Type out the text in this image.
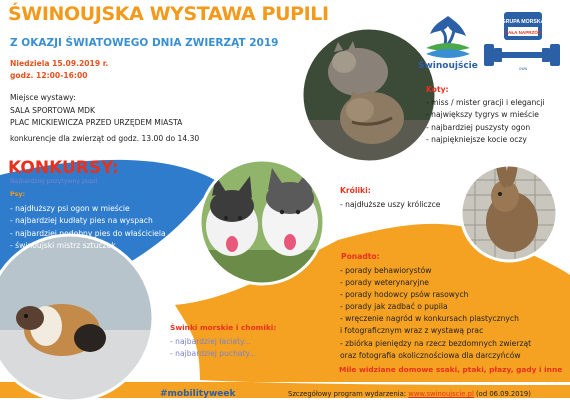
Świnoujście
GRUPA MORSKA
CAŁA NAPRZÓD
GWN
ŚWINOUJSKA WYSTAWA PUPILI
Z OKAZJI ŚWIATOWEGO DNIA ZWIERZĄT 2019
Niedziela 15.09.2019 r.
godz. 12:00-16:00
Miejsce wystawy:
SALA SPORTOWA MDK
PLAC MICKIEWICZA PRZED URZĘDEM MIASTA
konkurencje dla zwierząt od godz. 13.00 do 14.30
KONKURSY:
Najbardziej pozytywny pupil
Psy:
- najdłuższy psi ogon w mieście
- najbardziej kudłaty pies na wyspach
- najbardziej podobny pies do właściciela
- świnoujski mistrz sztuczek
Koty:
- miss / mister gracji i elegancji
- największy tygrys w mieście
- najbardziej puszysty ogon
- najpiękniejsze kocie oczy
Króliki:
- najdłuższe uszy króliczce
Ponadto:
- porady behawiorystów
- porady weterynaryjne
- porady hodowcy psów rasowych
- porady jak zadbać o pupila
- wręczenie nagród w konkursach plastycznych
i fotograficznym wraz z wystawą prac
- zbiórka pieniędzy na rzecz bezdomnych zwierząt
oraz fotografia okolicznościowa dla darczyńców
Mile widziane domowe ssaki, ptaki, płazy, gady i inne
Świnki morskie i chomiki:
- najbardziej łaciaty...
- najbardziej puchaty...
#mobilityweek	Szczegółowy program wydarzenia: www.swinoujscie.pl (od 06.09.2019)
